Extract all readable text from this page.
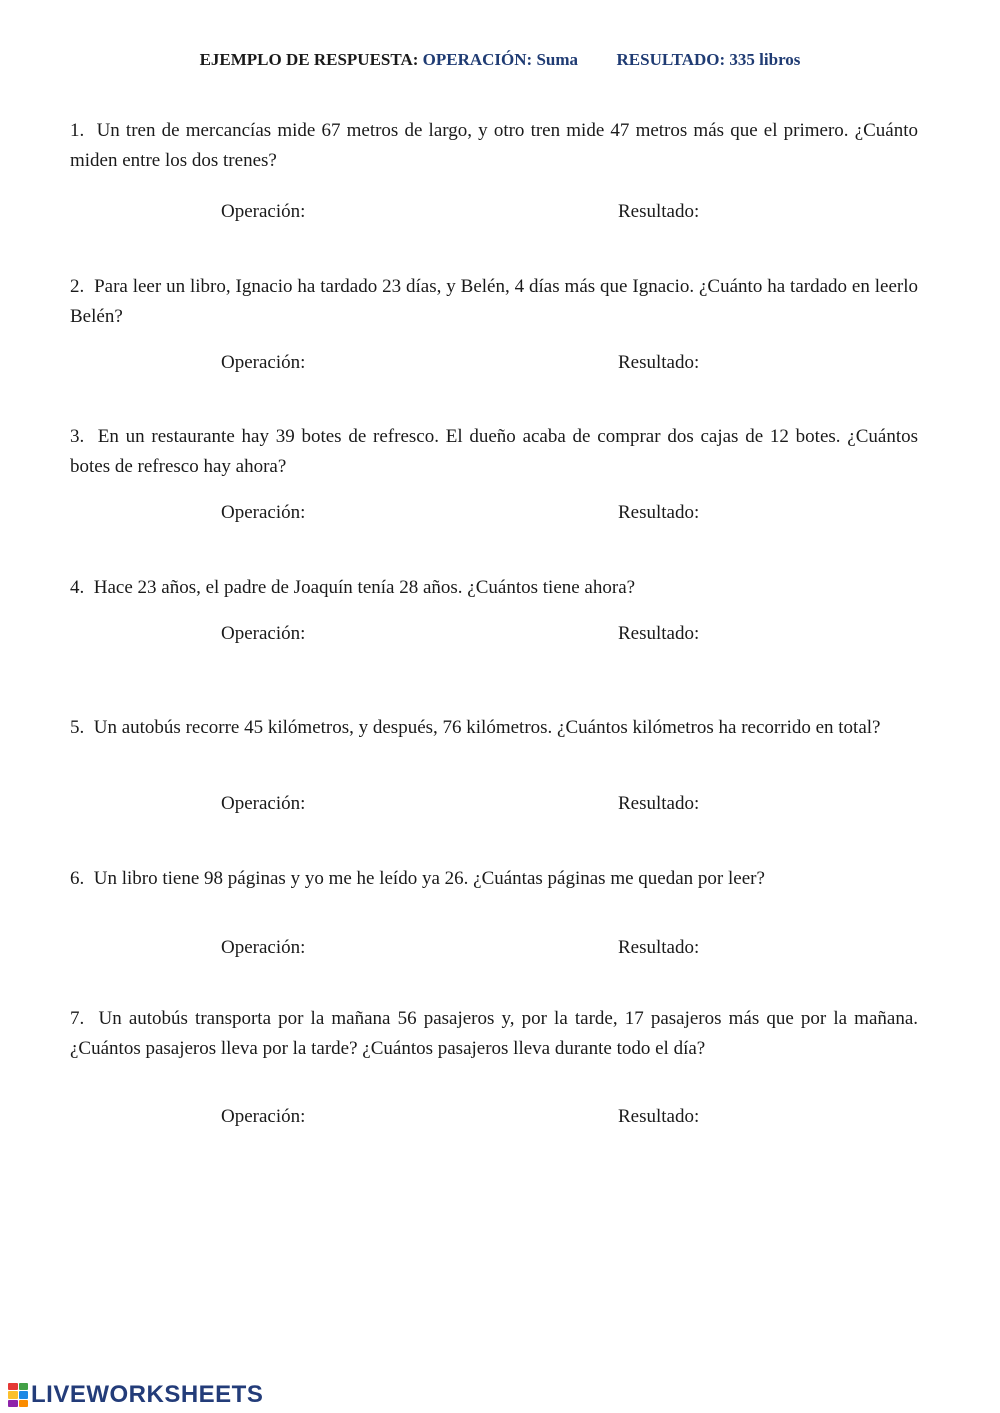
EJEMPLO DE RESPUESTA: OPERACIÓN: Suma RESULTADO: 335 libros
1. Un tren de mercancías mide 67 metros de largo, y otro tren mide 47 metros más que el primero. ¿Cuánto miden entre los dos trenes?
Operación:	Resultado:
2. Para leer un libro, Ignacio ha tardado 23 días, y Belén, 4 días más que Ignacio. ¿Cuánto ha tardado en leerlo Belén?
Operación:	Resultado:
3. En un restaurante hay 39 botes de refresco. El dueño acaba de comprar dos cajas de 12 botes. ¿Cuántos botes de refresco hay ahora?
Operación:	Resultado:
4. Hace 23 años, el padre de Joaquín tenía 28 años. ¿Cuántos tiene ahora?
Operación:	Resultado:
5. Un autobús recorre 45 kilómetros, y después, 76 kilómetros. ¿Cuántos kilómetros ha recorrido en total?
Operación:	Resultado:
6. Un libro tiene 98 páginas y yo me he leído ya 26. ¿Cuántas páginas me quedan por leer?
Operación:	Resultado:
7. Un autobús transporta por la mañana 56 pasajeros y, por la tarde, 17 pasajeros más que por la mañana. ¿Cuántos pasajeros lleva por la tarde? ¿Cuántos pasajeros lleva durante todo el día?
Operación:	Resultado:
LIVEWORKSHEETS
